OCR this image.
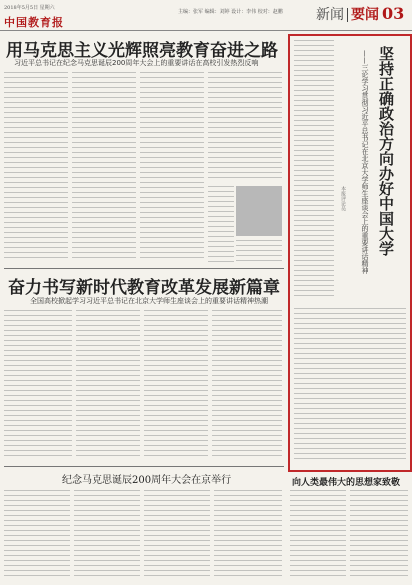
2018年5月5日 星期六
中国教育报
主编：张军 编辑：刘婷 设计：李伟 校对：赵鹏	新闻 要闻 03
用马克思主义光辉照亮教育奋进之路
习近平总书记在纪念马克思诞辰200周年大会上的重要讲话在高校引发热烈反响
奋力书写新时代教育改革发展新篇章
全国高校掀起学习习近平总书记在北京大学师生座谈会上的重要讲话精神热潮
纪念马克思诞辰200周年大会在京举行
坚持正确政治方向办好中国大学
——三论学习贯彻习近平总书记在北京大学师生座谈会上的重要讲话精神
本报评论员
向人类最伟大的思想家致敬
